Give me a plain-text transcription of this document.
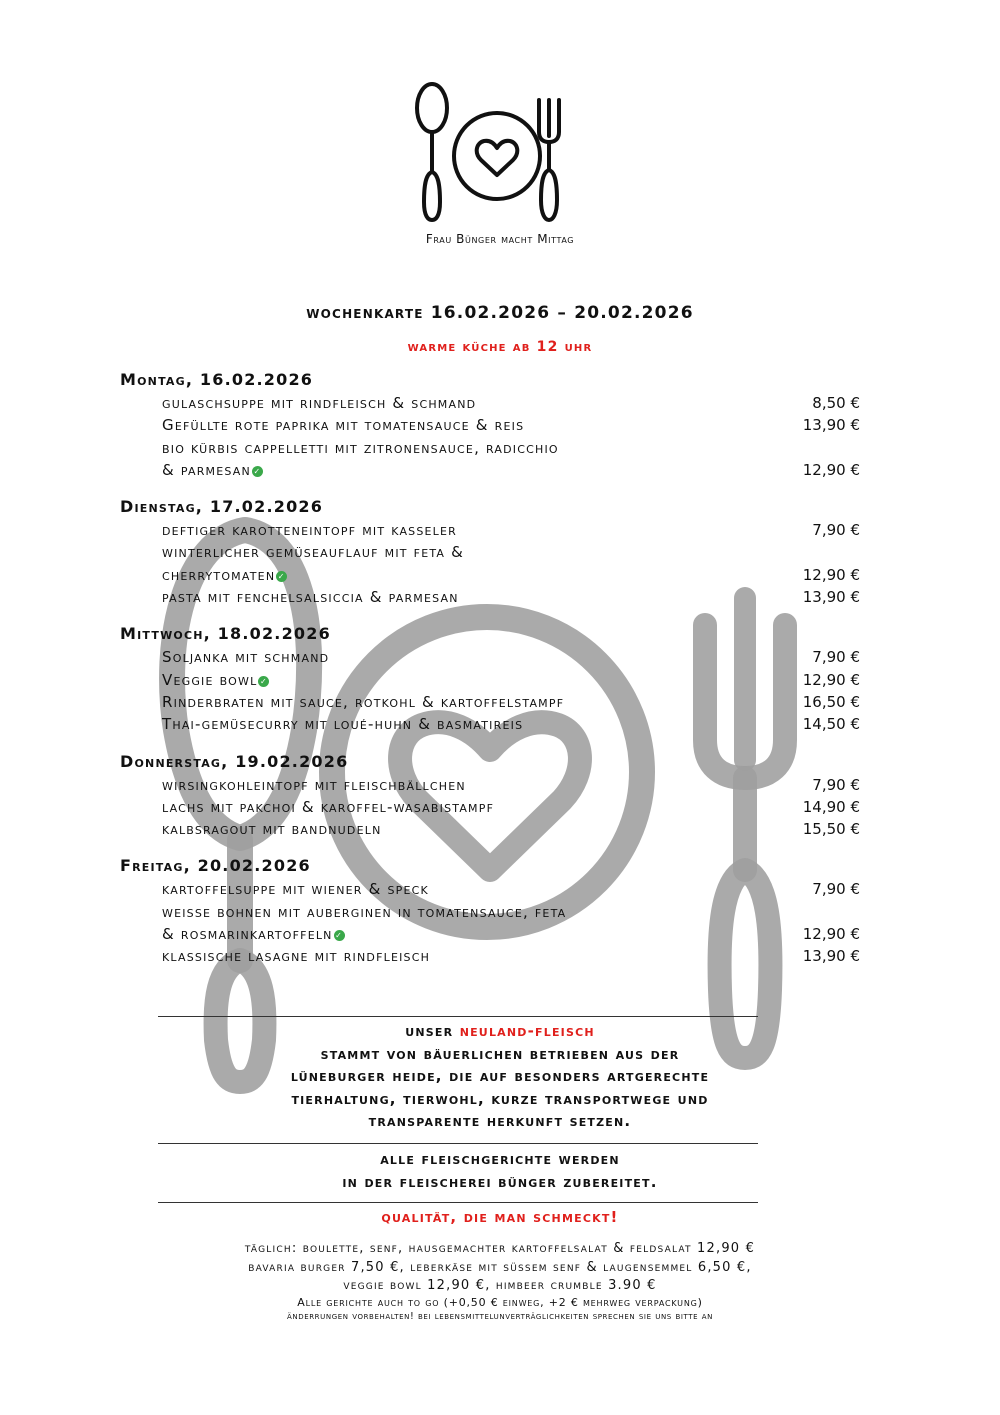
Frau Bünger macht Mittag
wochenkarte 16.02.2026 – 20.02.2026
warme küche ab 12 uhr
Montag, 16.02.2026
gulaschsuppe mit rindfleisch & schmand	8,50 €
Gefüllte rote paprika mit tomatensauce & reis	13,90 €
bio kürbis cappelletti mit zitronensauce, radicchio
& parmesan ✓	12,90 €
Dienstag, 17.02.2026
deftiger karotteneintopf mit kasseler	7,90 €
winterlicher gemüseauflauf mit feta &
cherrytomaten ✓	12,90 €
pasta mit fenchelsalsiccia & parmesan	13,90 €
Mittwoch, 18.02.2026
Soljanka mit schmand	7,90 €
Veggie bowl ✓	12,90 €
Rinderbraten mit sauce, rotkohl & kartoffelstampf	16,50 €
Thai-gemüsecurry mit loué-huhn & basmatireis	14,50 €
Donnerstag, 19.02.2026
wirsingkohleintopf mit fleischbällchen	7,90 €
lachs mit pakchoi & karoffel-wasabistampf	14,90 €
kalbsragout mit bandnudeln	15,50 €
Freitag, 20.02.2026
kartoffelsuppe mit wiener & speck	7,90 €
weisse bohnen mit auberginen in tomatensauce, feta
& rosmarinkartoffeln ✓	12,90 €
klassische lasagne mit rindfleisch	13,90 €
unser neuland-fleisch
stammt von bäuerlichen betrieben aus der
lüneburger heide, die auf besonders artgerechte
tierhaltung, tierwohl, kurze transportwege und
transparente herkunft setzen.
alle fleischgerichte werden
in der fleischerei bünger zubereitet.
qualität, die man schmeckt!
täglich: boulette, senf, hausgemachter kartoffelsalat & feldsalat 12,90 €
bavaria burger 7,50 €, leberkäse mit süssem senf & laugensemmel 6,50 €,
veggie bowl 12,90 €, himbeer crumble 3.90 €
Alle gerichte auch to go (+0,50 € einweg, +2 € mehrweg verpackung)
änderrungen vorbehalten! bei lebensmittelunverträglichkeiten sprechen sie uns bitte an
